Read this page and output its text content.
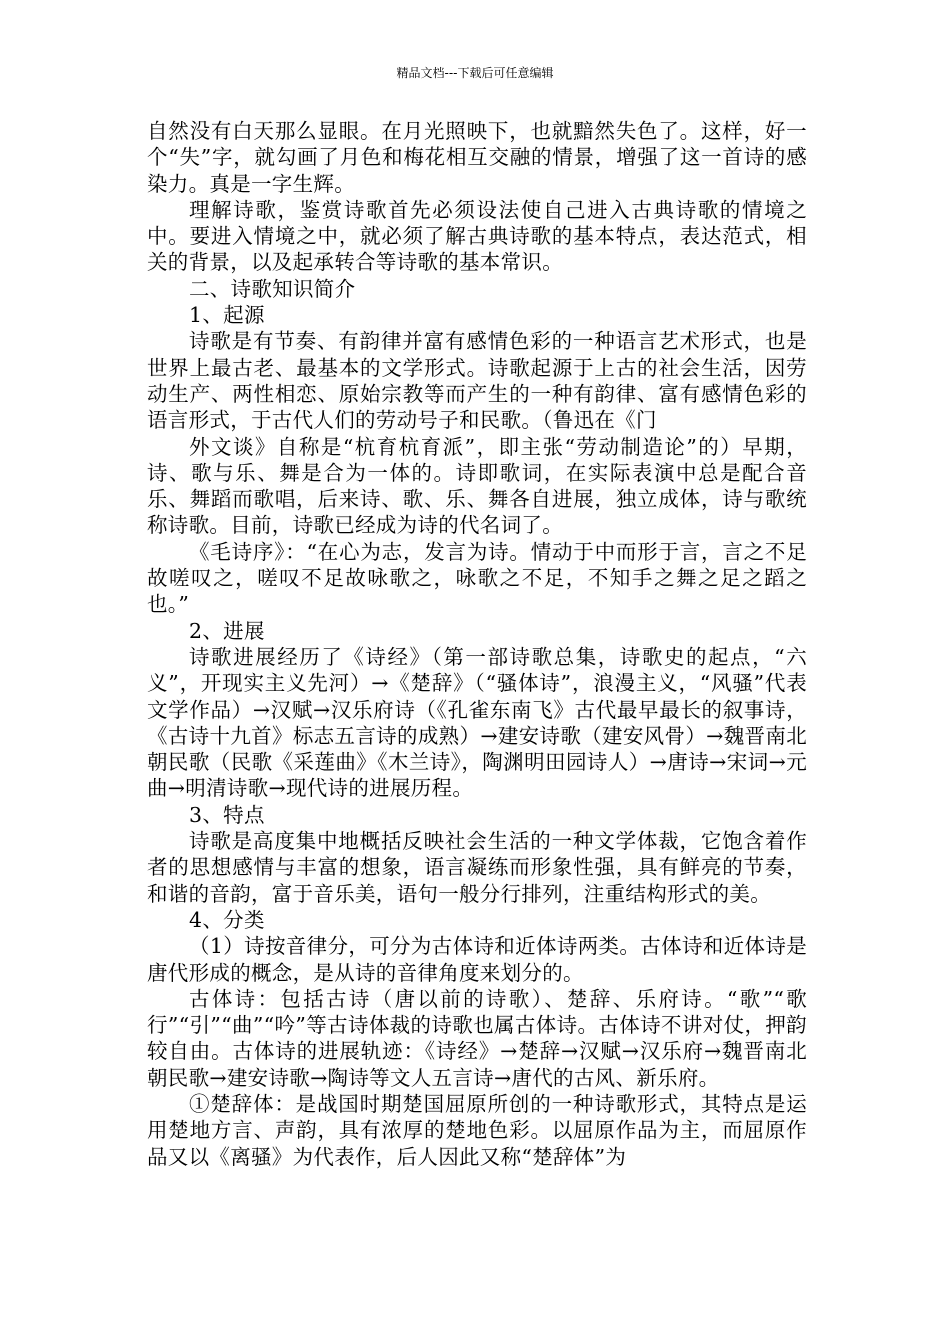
精品文档---下载后可任意编辑

自然没有白天那么显眼。在月光照映下，也就黯然失色了。这样，好一个“失”字，就勾画了月色和梅花相互交融的情景，增强了这一首诗的感染力。真是一字生辉。

理解诗歌，鉴赏诗歌首先必须设法使自己进入古典诗歌的情境之中。要进入情境之中，就必须了解古典诗歌的基本特点，表达范式，相关的背景，以及起承转合等诗歌的基本常识。

二、诗歌知识简介

1、起源

诗歌是有节奏、有韵律并富有感情色彩的一种语言艺术形式，也是世界上最古老、最基本的文学形式。诗歌起源于上古的社会生活，因劳动生产、两性相恋、原始宗教等而产生的一种有韵律、富有感情色彩的语言形式，于古代人们的劳动号子和民歌。（鲁迅在《门

外文谈》自称是“杭育杭育派”，即主张“劳动制造论”的）早期，诗、歌与乐、舞是合为一体的。诗即歌词，在实际表演中总是配合音乐、舞蹈而歌唱，后来诗、歌、乐、舞各自进展，独立成体，诗与歌统称诗歌。目前，诗歌已经成为诗的代名词了。

《毛诗序》：“在心为志，发言为诗。情动于中而形于言，言之不足故嗟叹之，嗟叹不足故咏歌之，咏歌之不足，不知手之舞之足之蹈之也。”

2、进展

诗歌进展经历了《诗经》（第一部诗歌总集，诗歌史的起点，“六义”，开现实主义先河）→《楚辞》（“骚体诗”，浪漫主义，“风骚”代表文学作品）→汉赋→汉乐府诗（《孔雀东南飞》古代最早最长的叙事诗，《古诗十九首》标志五言诗的成熟）→建安诗歌（建安风骨）→魏晋南北朝民歌（民歌《采莲曲》《木兰诗》，陶渊明田园诗人）→唐诗→宋词→元曲→明清诗歌→现代诗的进展历程。

3、特点

诗歌是高度集中地概括反映社会生活的一种文学体裁，它饱含着作者的思想感情与丰富的想象，语言凝练而形象性强，具有鲜亮的节奏，和谐的音韵，富于音乐美，语句一般分行排列，注重结构形式的美。

4、分类

（1）诗按音律分，可分为古体诗和近体诗两类。古体诗和近体诗是唐代形成的概念，是从诗的音律角度来划分的。

古体诗：包括古诗（唐以前的诗歌）、楚辞、乐府诗。“歌”“歌行”“引”“曲”“吟”等古诗体裁的诗歌也属古体诗。古体诗不讲对仗，押韵较自由。古体诗的进展轨迹：《诗经》→楚辞→汉赋→汉乐府→魏晋南北朝民歌→建安诗歌→陶诗等文人五言诗→唐代的古风、新乐府。

①楚辞体：是战国时期楚国屈原所创的一种诗歌形式，其特点是运用楚地方言、声韵，具有浓厚的楚地色彩。以屈原作品为主，而屈原作品又以《离骚》为代表作，后人因此又称“楚辞体”为
